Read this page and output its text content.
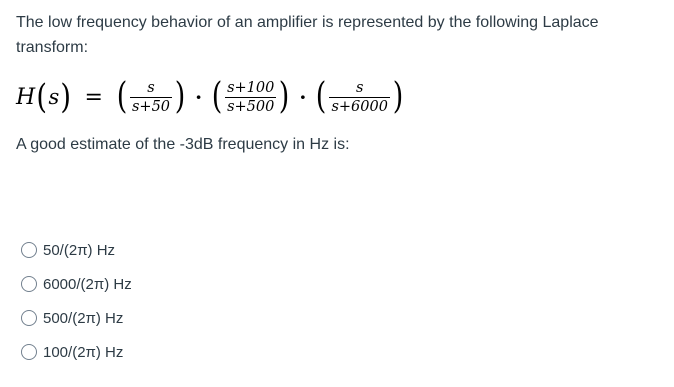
The low frequency behavior of an amplifier is represented by the following Laplace transform:
H ( s ) = ( $\frac{s}{s+50}$ ) · ( $\frac{s+100}{s+500}$ ) · ( $\frac{s}{s+6000}$ )
A good estimate of the -3dB frequency in Hz is:
50/(2π) Hz
6000/(2π) Hz
500/(2π) Hz
100/(2π) Hz
